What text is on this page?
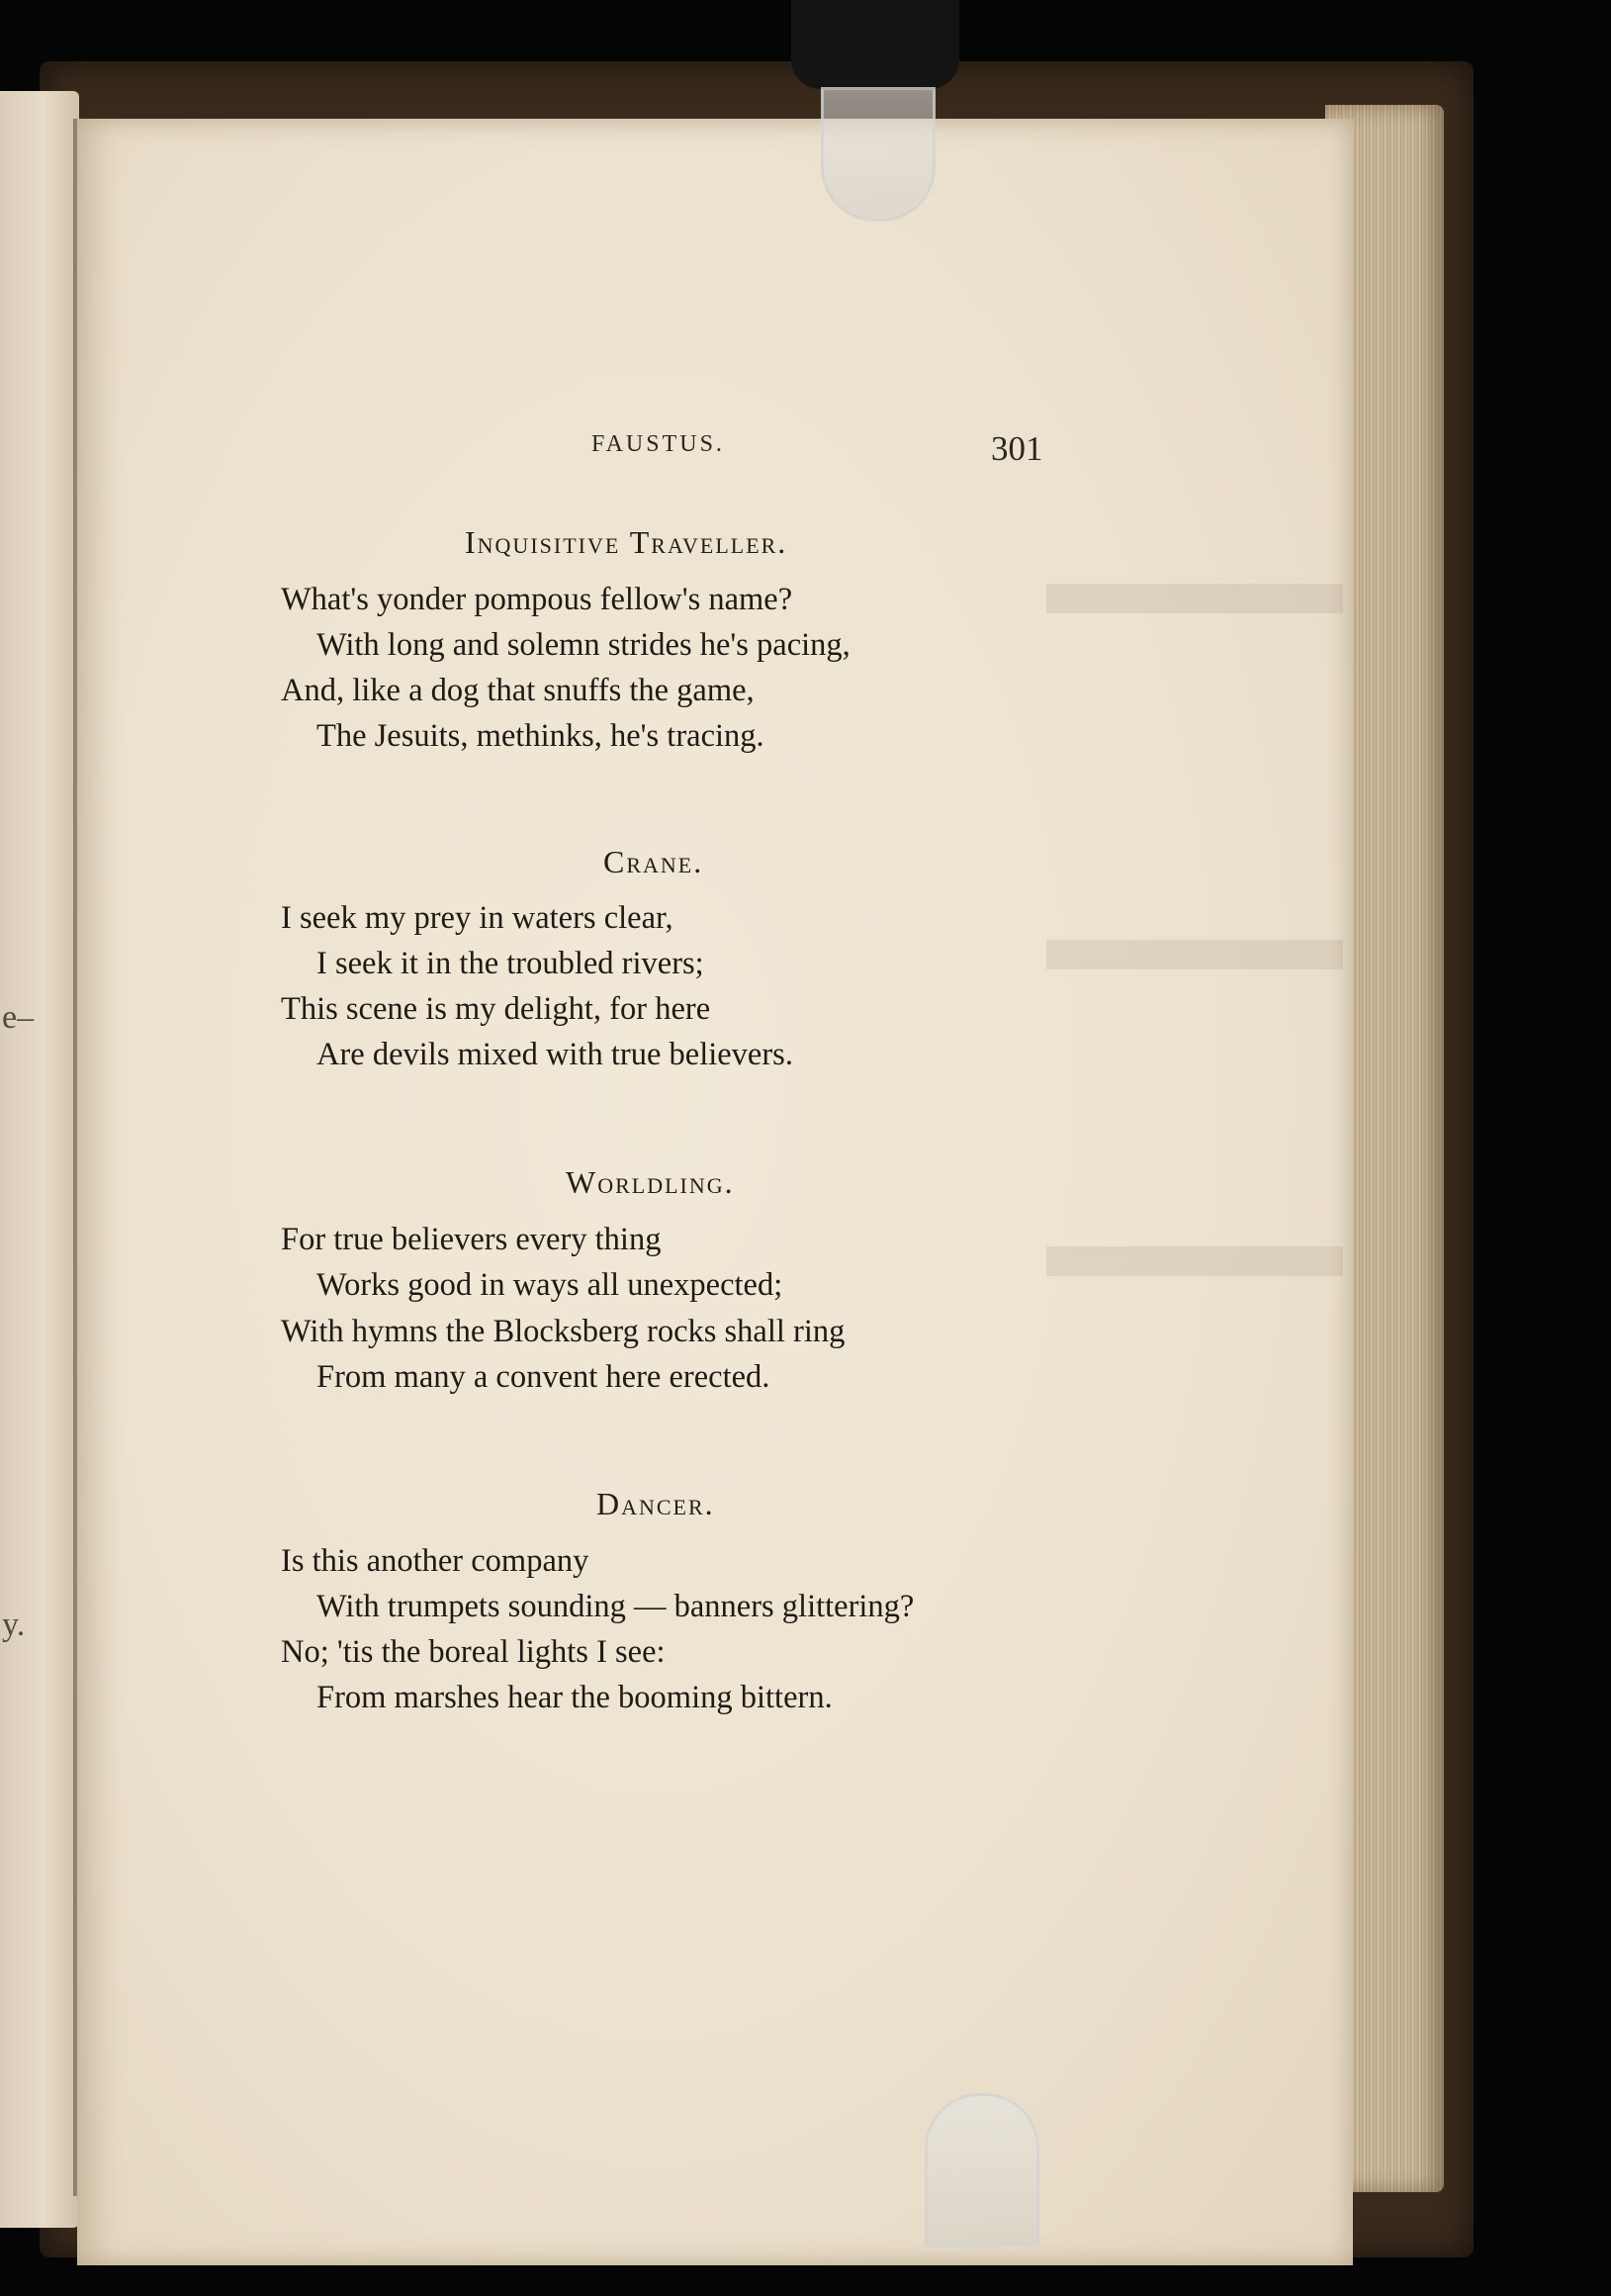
e–
y.
FAUSTUS.	301
Inquisitive Traveller.
What's yonder pompous fellow's name?
With long and solemn strides he's pacing,
And, like a dog that snuffs the game,
The Jesuits, methinks, he's tracing.
Crane.
I seek my prey in waters clear,
I seek it in the troubled rivers;
This scene is my delight, for here
Are devils mixed with true believers.
Worldling.
For true believers every thing
Works good in ways all unexpected;
With hymns the Blocksberg rocks shall ring
From many a convent here erected.
Dancer.
Is this another company
With trumpets sounding — banners glittering?
No; 'tis the boreal lights I see:
From marshes hear the booming bittern.
